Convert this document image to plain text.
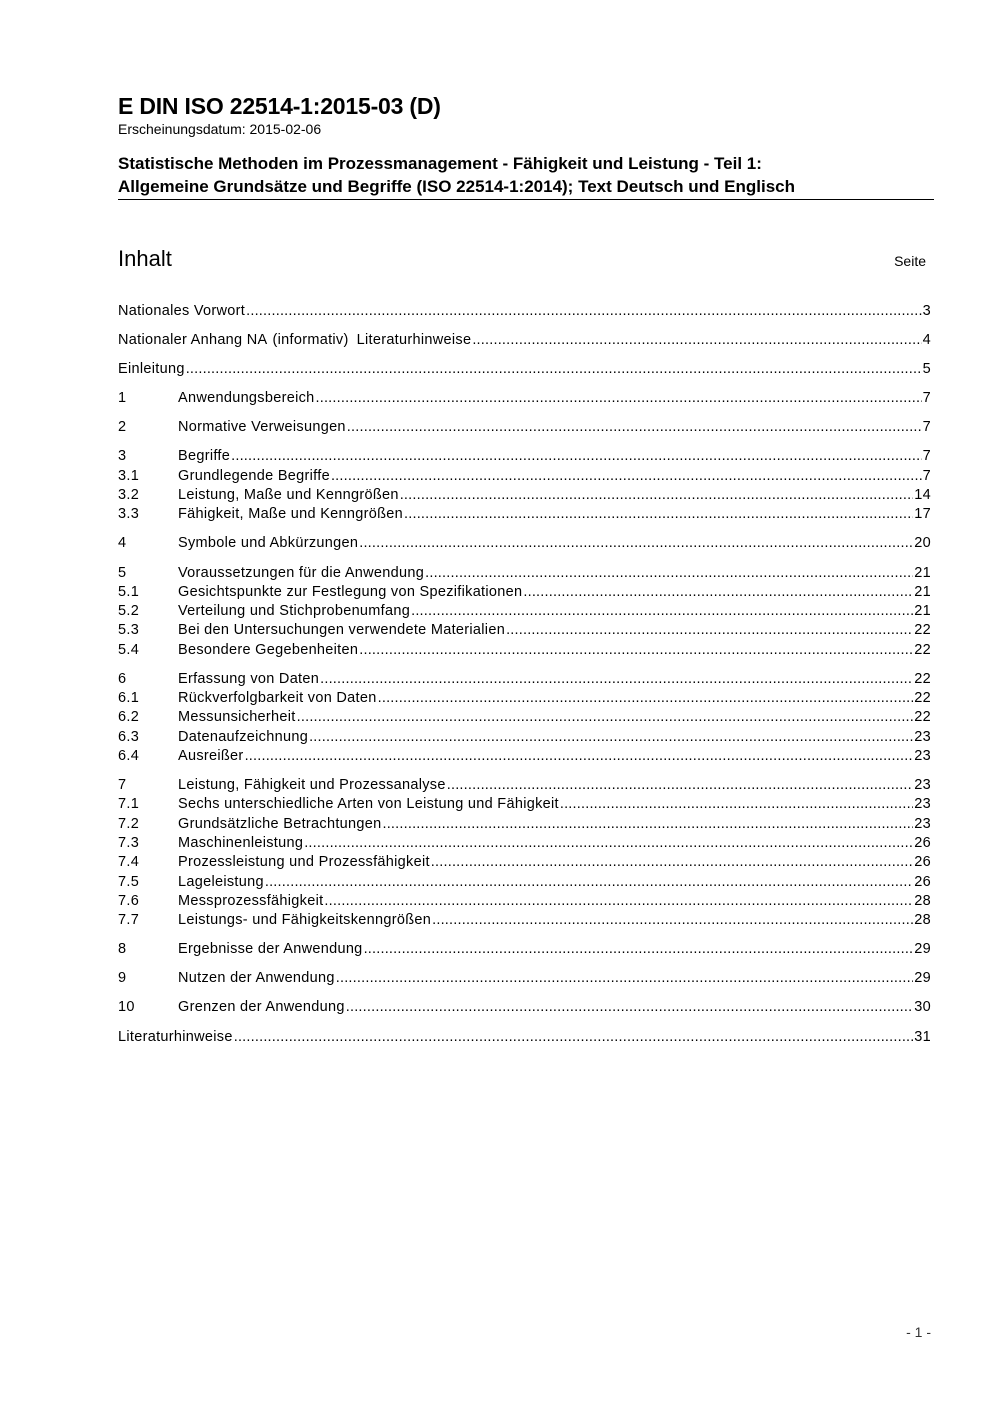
E DIN ISO 22514-1:2015-03 (D)
Erscheinungsdatum: 2015-02-06
Statistische Methoden im Prozessmanagement - Fähigkeit und Leistung - Teil 1:
Allgemeine Grundsätze und Begriffe (ISO 22514-1:2014); Text Deutsch und Englisch
Inhalt	Seite
Nationales Vorwort .....	3
Nationaler Anhang NA (informativ) Literaturhinweise .....	4
Einleitung .....	5
1	Anwendungsbereich .....	7
2	Normative Verweisungen .....	7
3	Begriffe .....	7
3.1	Grundlegende Begriffe .....	7
3.2	Leistung, Maße und Kenngrößen .....	14
3.3	Fähigkeit, Maße und Kenngrößen .....	17
4	Symbole und Abkürzungen .....	20
5	Voraussetzungen für die Anwendung .....	21
5.1	Gesichtspunkte zur Festlegung von Spezifikationen .....	21
5.2	Verteilung und Stichprobenumfang .....	21
5.3	Bei den Untersuchungen verwendete Materialien .....	22
5.4	Besondere Gegebenheiten .....	22
6	Erfassung von Daten .....	22
6.1	Rückverfolgbarkeit von Daten .....	22
6.2	Messunsicherheit .....	22
6.3	Datenaufzeichnung .....	23
6.4	Ausreißer .....	23
7	Leistung, Fähigkeit und Prozessanalyse .....	23
7.1	Sechs unterschiedliche Arten von Leistung und Fähigkeit .....	23
7.2	Grundsätzliche Betrachtungen .....	23
7.3	Maschinenleistung .....	26
7.4	Prozessleistung und Prozessfähigkeit .....	26
7.5	Lageleistung .....	26
7.6	Messprozessfähigkeit .....	28
7.7	Leistungs- und Fähigkeitskenngrößen .....	28
8	Ergebnisse der Anwendung .....	29
9	Nutzen der Anwendung .....	29
10	Grenzen der Anwendung .....	30
Literaturhinweise .....	31
- 1 -
